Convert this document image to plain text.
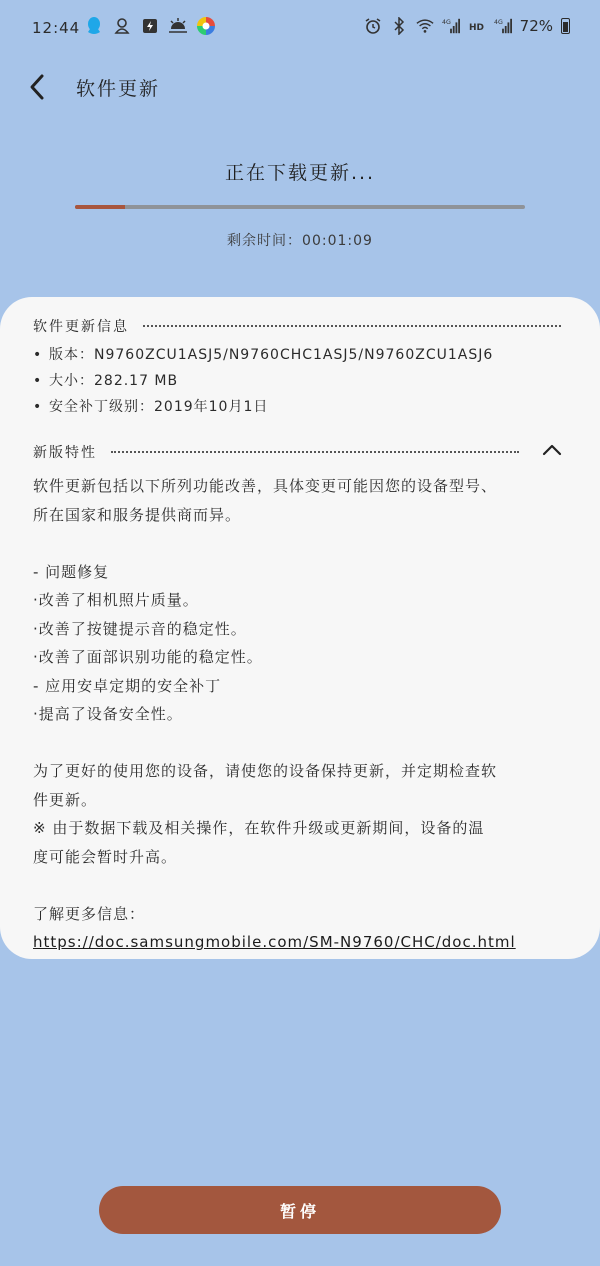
12:44	4G
HD
4G 72%
软件更新
正在下载更新...
剩余时间：00:01:09
软件更新信息
• 版本： N9760ZCU1ASJ5/N9760CHC1ASJ5/N9760ZCU1ASJ6
• 大小： 282.17 MB
• 安全补丁级别： 2019年10月1日
新版特性

软件更新包括以下所列功能改善，具体变更可能因您的设备型号、

所在国家和服务提供商而异。

- 问题修复

·改善了相机照片质量。

·改善了按键提示音的稳定性。

·改善了面部识别功能的稳定性。

- 应用安卓定期的安全补丁

·提高了设备安全性。

为了更好的使用您的设备，请使您的设备保持更新，并定期检查软

件更新。

※ 由于数据下载及相关操作，在软件升级或更新期间，设备的温

度可能会暂时升高。

了解更多信息：

https://doc.samsungmobile.com/SM-N9760/CHC/doc.html

暂停
